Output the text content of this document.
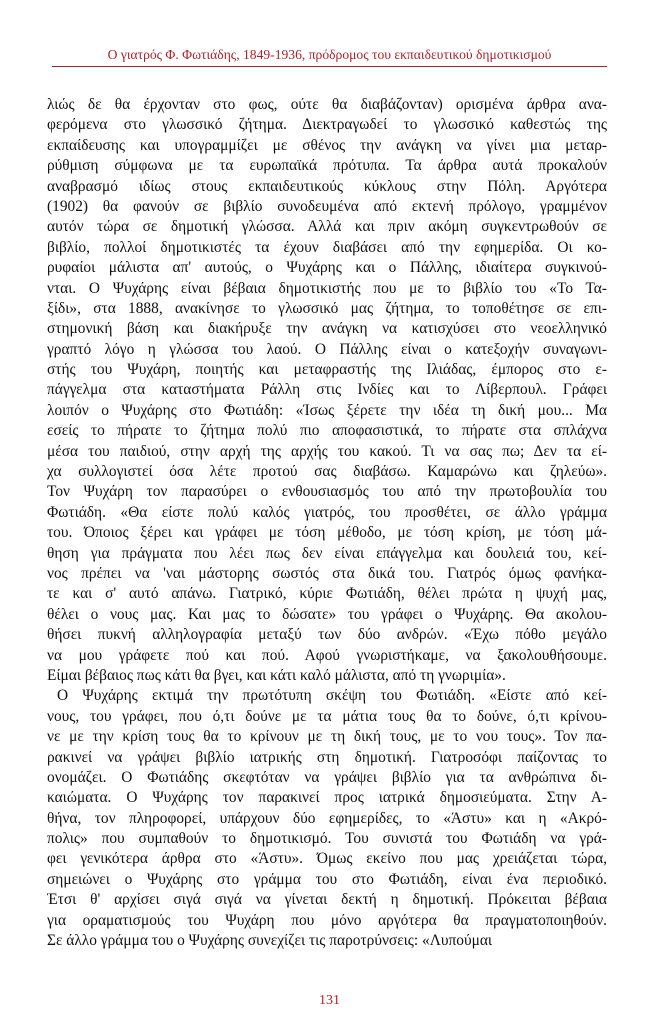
Ο γιατρός Φ. Φωτιάδης, 1849-1936, πρόδρομος του εκπαιδευτικού δημοτικισμού
λιώς δε θα έρχονταν στο φως, ούτε θα διαβάζονταν) ορισμένα άρθρα ανα-
φερόμενα στο γλωσσικό ζήτημα. Διεκτραγωδεί το γλωσσικό καθεστώς της
εκπαίδευσης και υπογραμμίζει με σθένος την ανάγκη να γίνει μια μεταρ-
ρύθμιση σύμφωνα με τα ευρωπαϊκά πρότυπα. Τα άρθρα αυτά προκαλούν
αναβρασμό ιδίως στους εκπαιδευτικούς κύκλους στην Πόλη. Αργότερα
(1902) θα φανούν σε βιβλίο συνοδευμένα από εκτενή πρόλογο, γραμμένον
αυτόν τώρα σε δημοτική γλώσσα. Αλλά και πριν ακόμη συγκεντρωθούν σε
βιβλίο, πολλοί δημοτικιστές τα έχουν διαβάσει από την εφημερίδα. Οι κο-
ρυφαίοι μάλιστα απ' αυτούς, ο Ψυχάρης και ο Πάλλης, ιδιαίτερα συγκινού-
νται. Ο Ψυχάρης είναι βέβαια δημοτικιστής που με το βιβλίο του «Το Τα-
ξίδι», στα 1888, ανακίνησε το γλωσσικό μας ζήτημα, το τοποθέτησε σε επι-
στημονική βάση και διακήρυξε την ανάγκη να κατισχύσει στο νεοελληνικό
γραπτό λόγο η γλώσσα του λαού. Ο Πάλλης είναι ο κατεξοχήν συναγωνι-
στής του Ψυχάρη, ποιητής και μεταφραστής της Ιλιάδας, έμπορος στο ε-
πάγγελμα στα καταστήματα Ράλλη στις Ινδίες και το Λίβερπουλ. Γράφει
λοιπόν ο Ψυχάρης στο Φωτιάδη: «Ίσως ξέρετε την ιδέα τη δική μου... Μα
εσείς το πήρατε το ζήτημα πολύ πιο αποφασιστικά, το πήρατε στα σπλάχνα
μέσα του παιδιού, στην αρχή της αρχής του κακού. Τι να σας πω; Δεν τα εί-
χα συλλογιστεί όσα λέτε προτού σας διαβάσω. Καμαρώνω και ζηλεύω».
Τον Ψυχάρη τον παρασύρει ο ενθουσιασμός του από την πρωτοβουλία του
Φωτιάδη. «Θα είστε πολύ καλός γιατρός, του προσθέτει, σε άλλο γράμμα
του. Όποιος ξέρει και γράφει με τόση μέθοδο, με τόση κρίση, με τόση μά-
θηση για πράγματα που λέει πως δεν είναι επάγγελμα και δουλειά του, κεί-
νος πρέπει να 'ναι μάστορης σωστός στα δικά του. Γιατρός όμως φανήκα-
τε και σ' αυτό απάνω. Γιατρικό, κύριε Φωτιάδη, θέλει πρώτα η ψυχή μας,
θέλει ο νους μας. Και μας το δώσατε» του γράφει ο Ψυχάρης. Θα ακολου-
θήσει πυκνή αλληλογραφία μεταξύ των δύο ανδρών. «Έχω πόθο μεγάλο
να μου γράφετε πού και πού. Αφού γνωριστήκαμε, να ξακολουθήσουμε.
Είμαι βέβαιος πως κάτι θα βγει, και κάτι καλό μάλιστα, από τη γνωριμία».
Ο Ψυχάρης εκτιμά την πρωτότυπη σκέψη του Φωτιάδη. «Είστε από κεί-
νους, του γράφει, που ό,τι δούνε με τα μάτια τους θα το δούνε, ό,τι κρίνου-
νε με την κρίση τους θα το κρίνουν με τη δική τους, με το νου τους». Τον πα-
ρακινεί να γράψει βιβλίο ιατρικής στη δημοτική. Γιατροσόφι παίζοντας το
ονομάζει. Ο Φωτιάδης σκεφτόταν να γράψει βιβλίο για τα ανθρώπινα δι-
καιώματα. Ο Ψυχάρης τον παρακινεί προς ιατρικά δημοσιεύματα. Στην Α-
θήνα, τον πληροφορεί, υπάρχουν δύο εφημερίδες, το «Άστυ» και η «Ακρό-
πολις» που συμπαθούν το δημοτικισμό. Του συνιστά του Φωτιάδη να γρά-
φει γενικότερα άρθρα στο «Άστυ». Όμως εκείνο που μας χρειάζεται τώρα,
σημειώνει ο Ψυχάρης στο γράμμα του στο Φωτιάδη, είναι ένα περιοδικό.
Έτσι θ' αρχίσει σιγά σιγά να γίνεται δεκτή η δημοτική. Πρόκειται βέβαια
για οραματισμούς του Ψυχάρη που μόνο αργότερα θα πραγματοποιηθούν.
Σε άλλο γράμμα του ο Ψυχάρης συνεχίζει τις παροτρύνσεις: «Λυπούμαι
131
